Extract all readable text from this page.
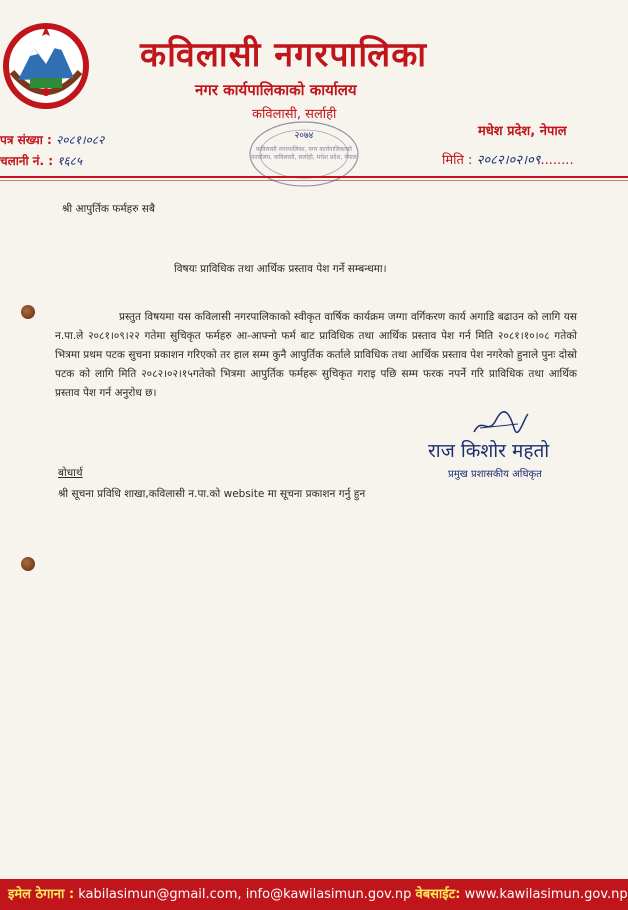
कविलासी नगरपालिका
नगर कार्यपालिकाको कार्यालय
कविलासी, सर्लाही
२०७४
कविलासी नगरपालिका, नगर कार्यपालिकाको कार्यालय, कविलासी, सर्लाही, मधेश प्रदेश, नेपाल
पत्र संख्या : २०८१।०८२
चलानी नं. : १६८५
मधेश प्रदेश, नेपाल
मिति : २०८२।०२।०९........
श्री आपुर्तिक फर्महरु सबै
विषयः प्राविधिक तथा आर्थिक प्रस्ताव पेश गर्ने सम्बन्धमा।
प्रस्तुत विषयमा यस कविलासी नगरपालिकाको स्वीकृत वार्षिक कार्यक्रम जग्गा वर्गिकरण कार्य अगाडि बढाउन को लागि यस न.पा.ले २०८१।०९।२२ गतेमा सुचिकृत फर्महरु आ-आफ्नो फर्म बाट प्राविधिक तथा आर्थिक प्रस्ताव पेश गर्न मिति २०८१।१०।०८ गतेको भित्रमा प्रथम पटक सुचना प्रकाशन गरिएको तर हाल सम्म कुनै आपुर्तिक कर्ताले प्राविधिक तथा आर्थिक प्रस्ताव पेश नगरेको हुनाले पुनः दोस्रो पटक को लागि मिति २०८२।०२।१५गतेको भित्रमा आपुर्तिक फर्महरू सुचिकृत गराइ पछि सम्म फरक नपर्ने गरि प्राविधिक तथा आर्थिक प्रस्ताव पेश गर्न अनुरोध छ।
राज किशोर महतो
प्रमुख प्रशासकीय अधिकृत
बोधार्थ
श्री सूचना प्रविधि शाखा,कविलासी न.पा.को website मा सूचना प्रकाशन गर्नु हुन
इमेल ठेगाना : kabilasimun@gmail.com, info@kawilasimun.gov.np वेबसाईट: www.kawilasimun.gov.np
